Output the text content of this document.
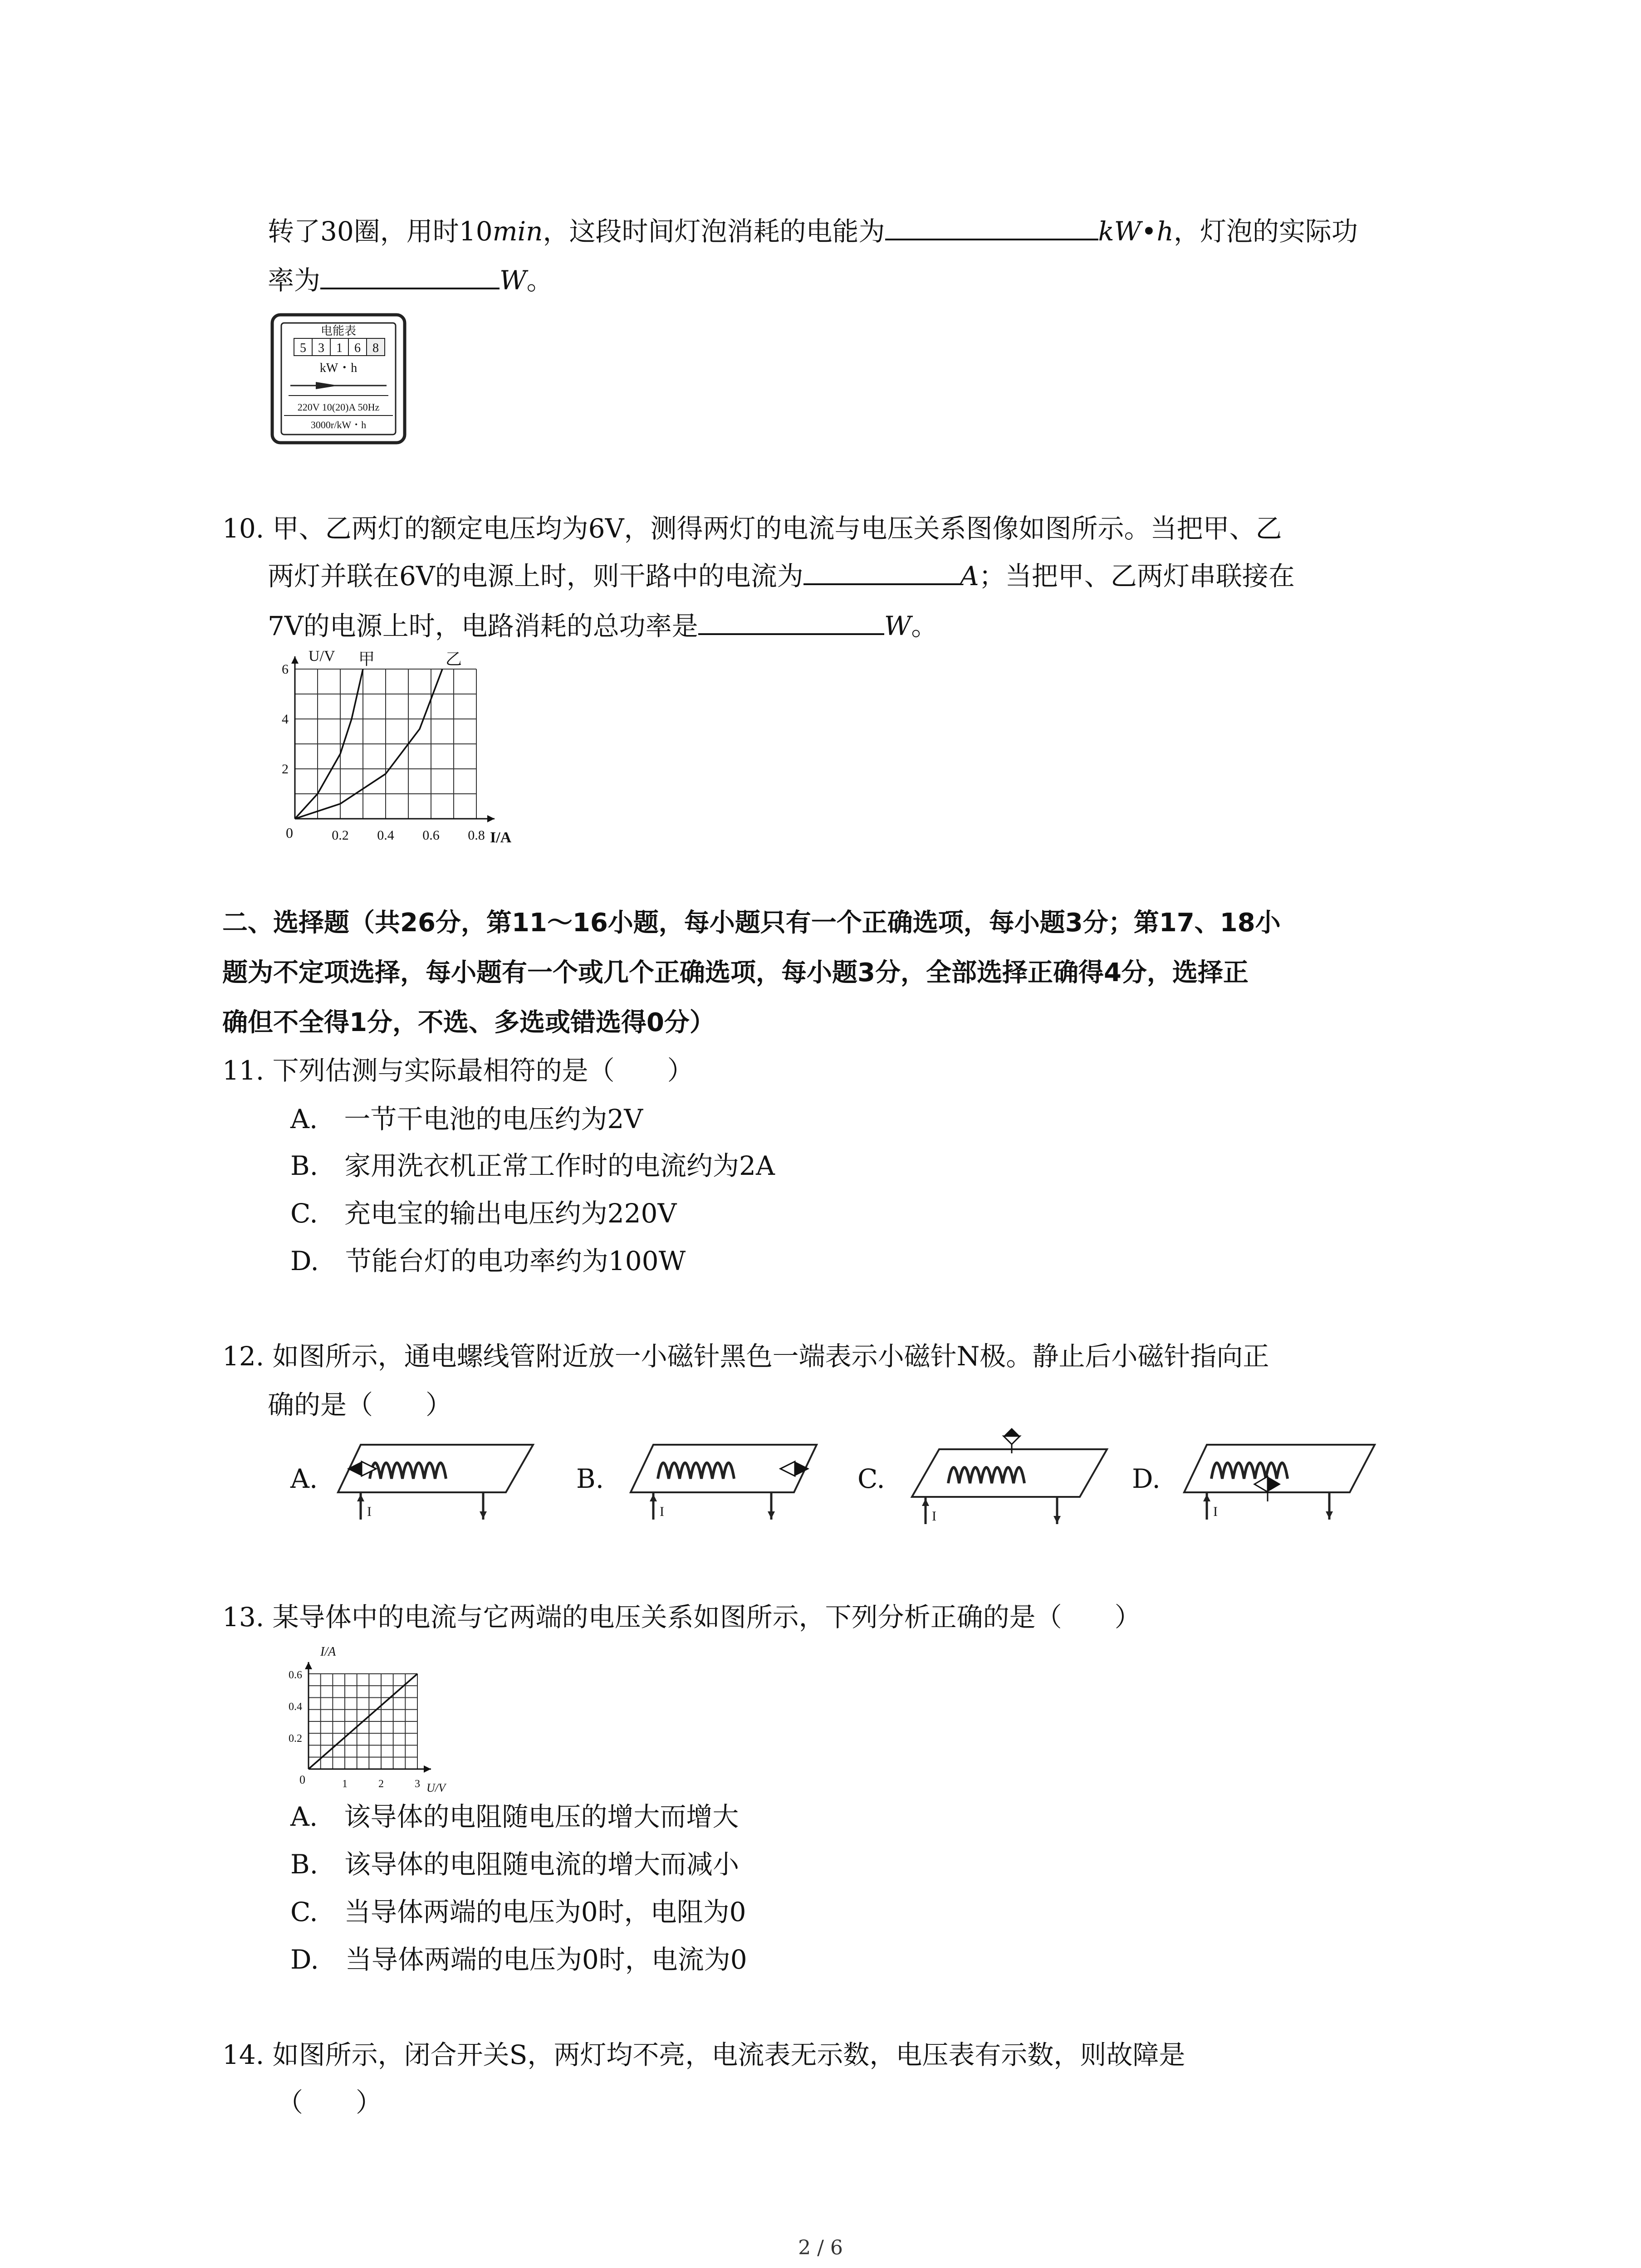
转了30圈，用时10min，这段时间灯泡消耗的电能为	kW•h，灯泡的实际功
率为	W。
电能表
5 3 1 6 8
kW・h
220V 10(20)A 50Hz
3000r/kW・h
10. 甲、乙两灯的额定电压均为6V，测得两灯的电流与电压关系图像如图所示。当把甲、乙
两灯并联在6V的电源上时，则干路中的电流为	A；当把甲、乙两灯串联接在
7V的电源上时，电路消耗的总功率是	W。
U/V
I/A
0
6
4
2
0.2 0.4 0.6 0.8
甲	乙
二、选择题（共26分，第11～16小题，每小题只有一个正确选项，每小题3分；第17、18小
题为不定项选择，每小题有一个或几个正确选项，每小题3分，全部选择正确得4分，选择正
确但不全得1分，不选、多选或错选得0分）
11. 下列估测与实际最相符的是（　　）
A.　一节干电池的电压约为2V
B.　家用洗衣机正常工作时的电流约为2A
C.　充电宝的输出电压约为220V
D.　节能台灯的电功率约为100W
12. 如图所示，通电螺线管附近放一小磁针黑色一端表示小磁针N极。静止后小磁针指向正
确的是（　　）
A.
I
B.
I
C.
I
D.
I
13. 某导体中的电流与它两端的电压关系如图所示，下列分析正确的是（　　）
I/A
U/V
0
0.6
0.4
0.2
1	2	3
A.　该导体的电阻随电压的增大而增大
B.　该导体的电阻随电流的增大而减小
C.　当导体两端的电压为0时，电阻为0
D.　当导体两端的电压为0时，电流为0
14. 如图所示，闭合开关S，两灯均不亮，电流表无示数，电压表有示数，则故障是
（　　）
2 / 6
